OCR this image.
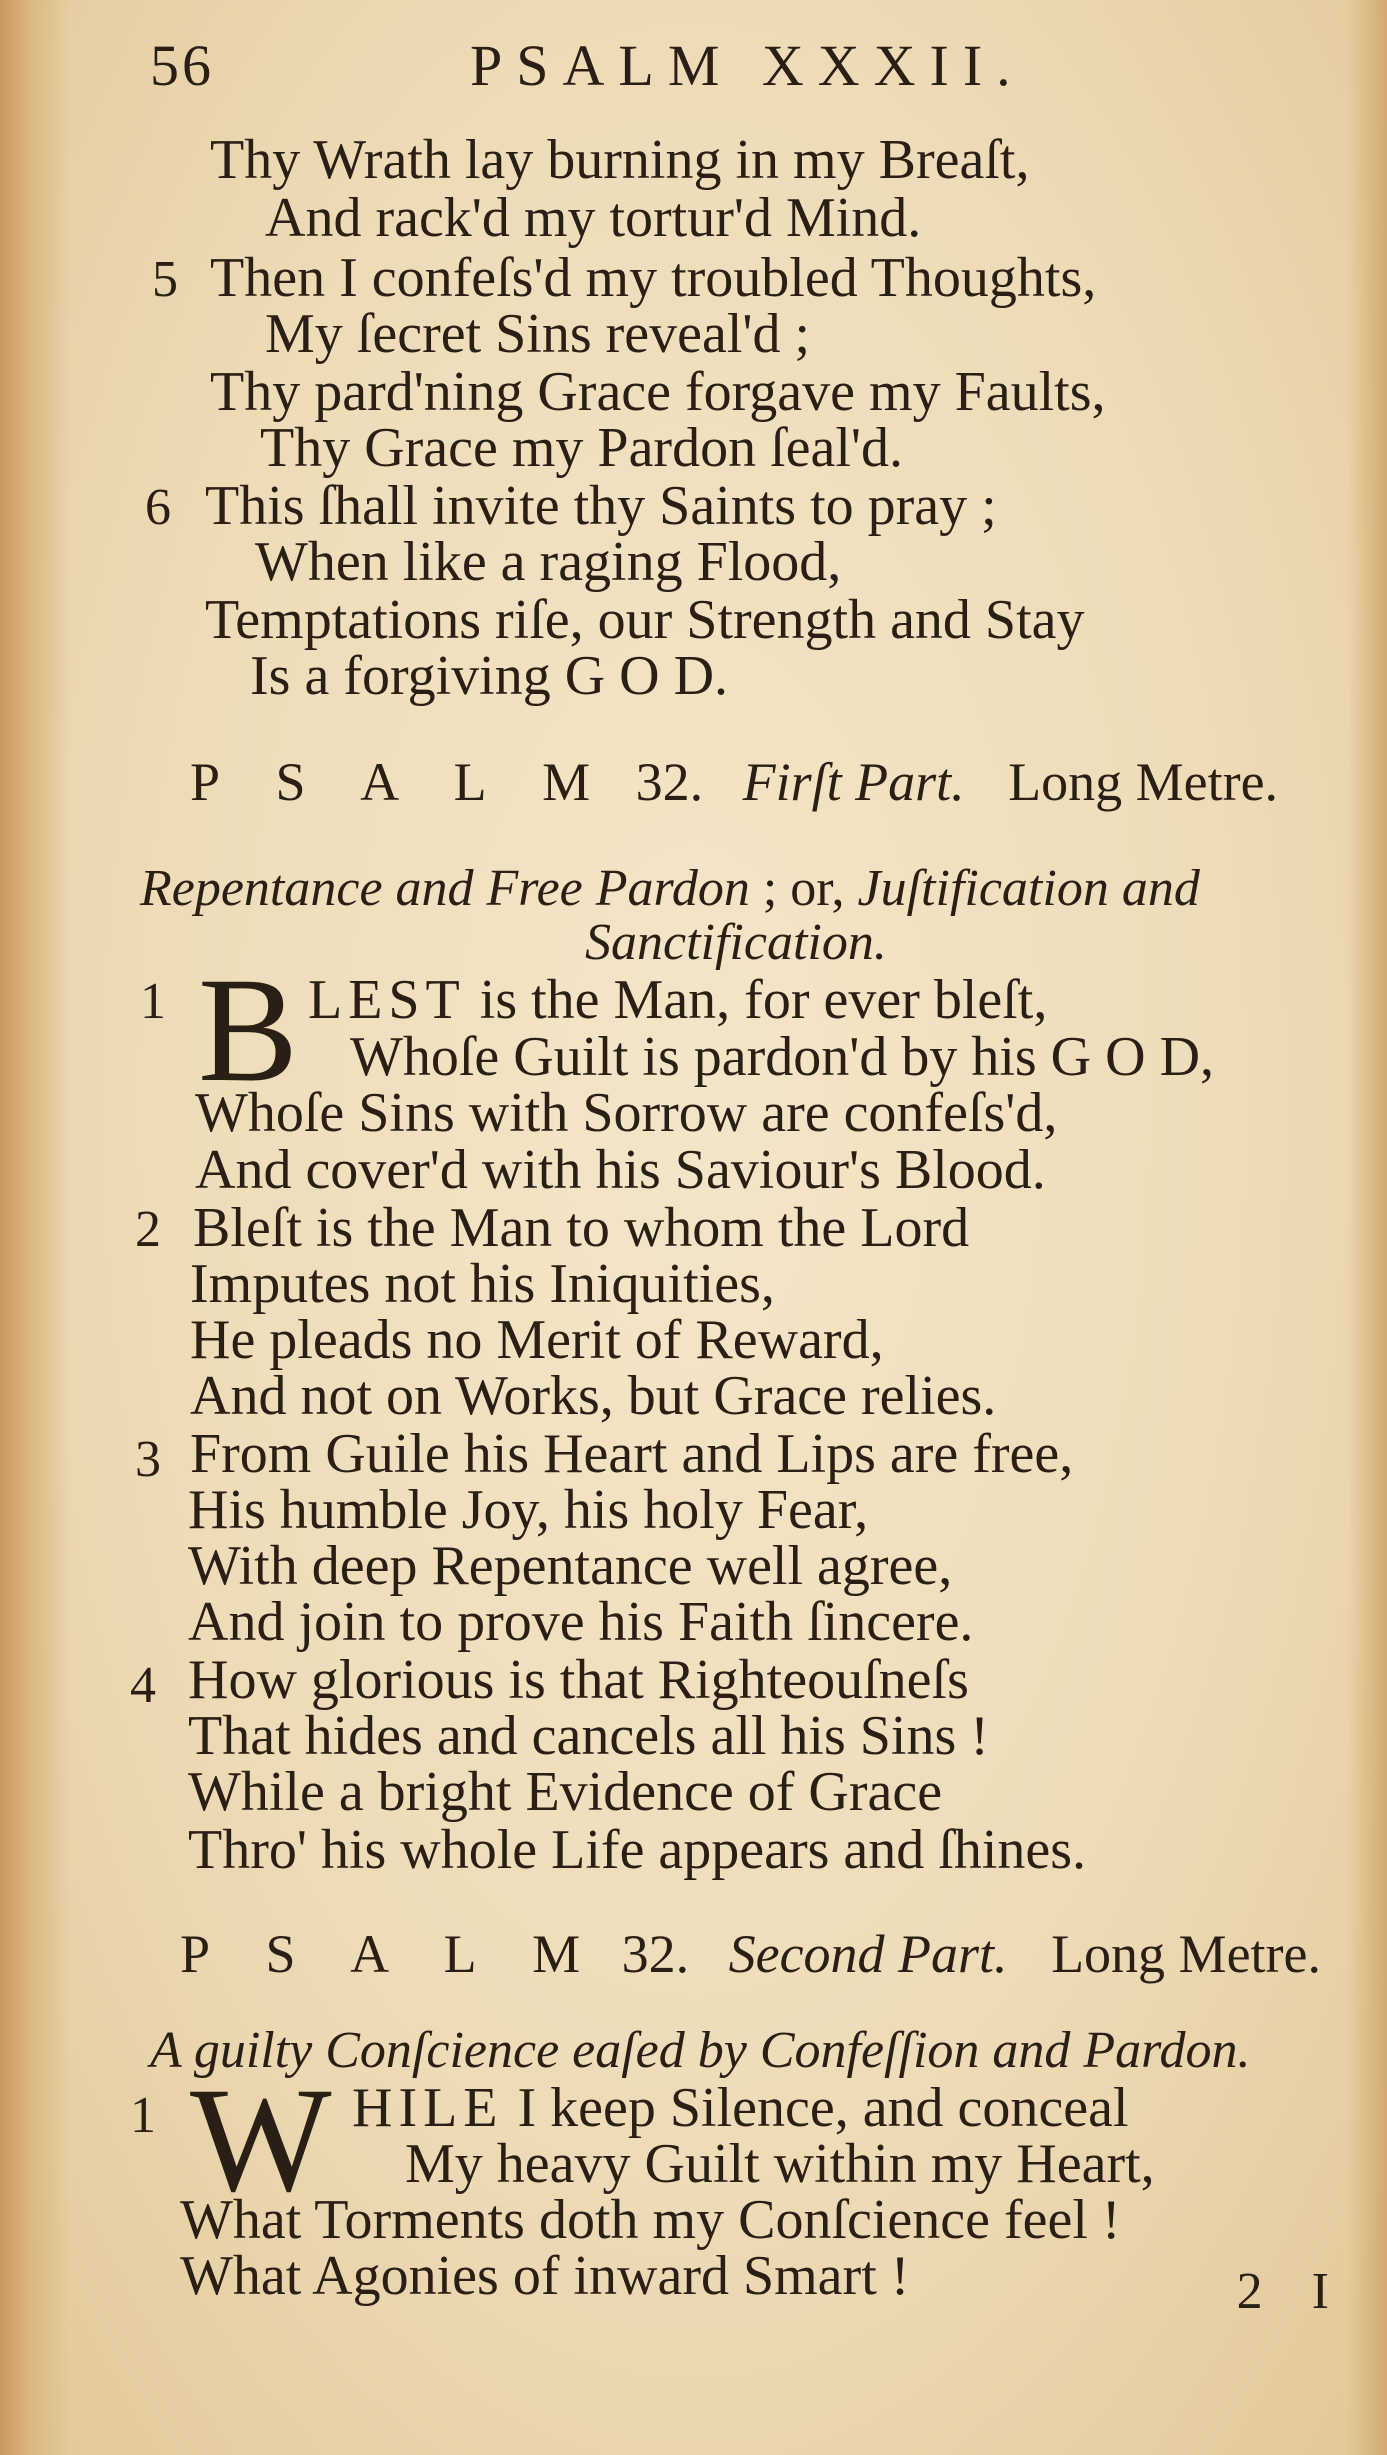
56	PSALM XXXII.
Thy Wrath lay burning in my Breaſt,
And rack'd my tortur'd Mind.
5 Then I confeſs'd my troubled Thoughts,
My ſecret Sins reveal'd ;
Thy pard'ning Grace forgave my Faults,
Thy Grace my Pardon ſeal'd.
6 This ſhall invite thy Saints to pray ;
When like a raging Flood,
Temptations riſe, our Strength and Stay
Is a forgiving G O D.
P S A L M 32. Firſt Part. Long Metre.
Repentance and Free Pardon ; or, Juſtification and
Sanctification.
1 B LEST is the Man, for ever bleſt,
Whoſe Guilt is pardon'd by his G O D,
Whoſe Sins with Sorrow are confeſs'd,
And cover'd with his Saviour's Blood.
2 Bleſt is the Man to whom the Lord
Imputes not his Iniquities,
He pleads no Merit of Reward,
And not on Works, but Grace relies.
3 From Guile his Heart and Lips are free,
His humble Joy, his holy Fear,
With deep Repentance well agree,
And join to prove his Faith ſincere.
4 How glorious is that Righteouſneſs
That hides and cancels all his Sins !
While a bright Evidence of Grace
Thro' his whole Life appears and ſhines.
P S A L M 32. Second Part. Long Metre.
A guilty Conſcience eaſed by Confeſſion and Pardon.
1 W HILE I keep Silence, and conceal
My heavy Guilt within my Heart,
What Torments doth my Conſcience feel !
What Agonies of inward Smart !	2 I
